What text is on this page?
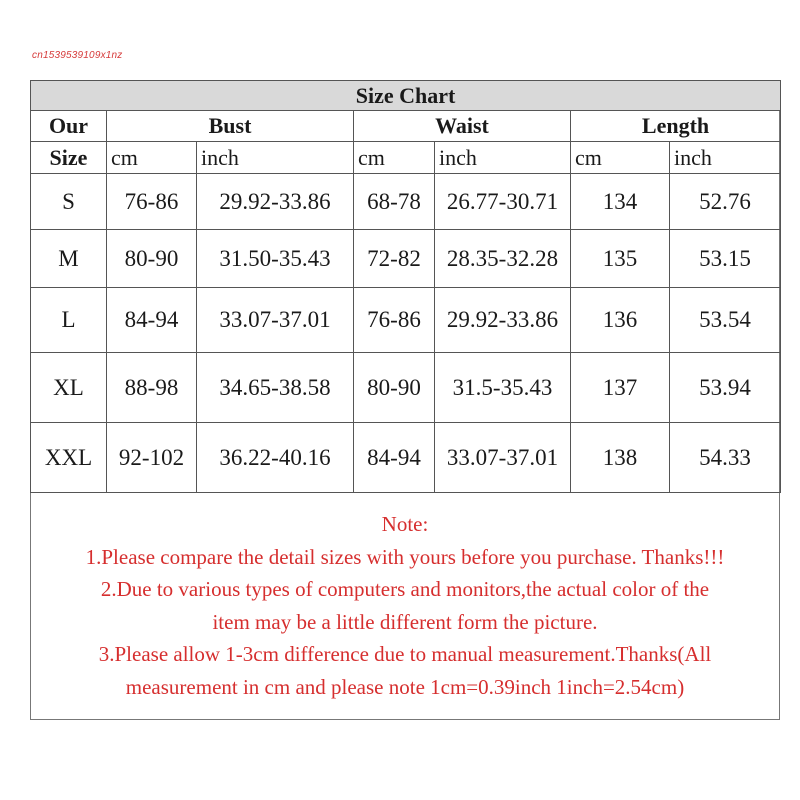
cn1539539109x1nz
Size Chart						
Our	Bust		Waist		Length	
Size	cm	inch	cm	inch	cm	inch
S	76-86	29.92-33.86	68-78	26.77-30.71	134	52.76
M	80-90	31.50-35.43	72-82	28.35-32.28	135	53.15
L	84-94	33.07-37.01	76-86	29.92-33.86	136	53.54
XL	88-98	34.65-38.58	80-90	31.5-35.43	137	53.94
XXL	92-102	36.22-40.16	84-94	33.07-37.01	138	54.33
Note:
1.Please compare the detail sizes with yours before you purchase. Thanks!!!
2.Due to various types of computers and monitors,the actual color of the
item may be a little different form the picture.
3.Please allow 1-3cm difference due to manual measurement.Thanks(All
measurement in cm and please note 1cm=0.39inch 1inch=2.54cm)
